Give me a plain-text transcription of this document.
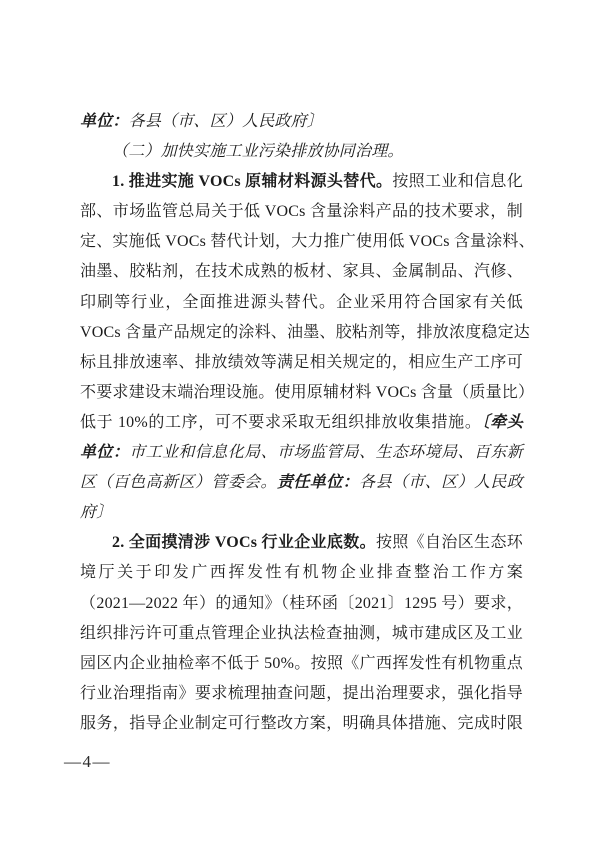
单位：各县（市、区）人民政府〕
（二）加快实施工业污染排放协同治理。
1. 推进实施 VOCs 原辅材料源头替代。按照工业和信息化
部、市场监管总局关于低 VOCs 含量涂料产品的技术要求，制
定、实施低 VOCs 替代计划，大力推广使用低 VOCs 含量涂料、
油墨、胶粘剂，在技术成熟的板材、家具、金属制品、汽修、
印刷等行业，全面推进源头替代。企业采用符合国家有关低
VOCs 含量产品规定的涂料、油墨、胶粘剂等，排放浓度稳定达
标且排放速率、排放绩效等满足相关规定的，相应生产工序可
不要求建设末端治理设施。使用原辅材料 VOCs 含量（质量比）
低于 10%的工序，可不要求采取无组织排放收集措施。〔牵头
单位：市工业和信息化局、市场监管局、生态环境局、百东新
区（百色高新区）管委会。责任单位：各县（市、区）人民政
府〕
2. 全面摸清涉 VOCs 行业企业底数。按照《自治区生态环
境厅关于印发广西挥发性有机物企业排查整治工作方案
（2021—2022 年）的通知》（桂环函〔2021〕1295 号）要求，
组织排污许可重点管理企业执法检查抽测，城市建成区及工业
园区内企业抽检率不低于 50%。按照《广西挥发性有机物重点
行业治理指南》要求梳理抽查问题，提出治理要求，强化指导
服务，指导企业制定可行整改方案，明确具体措施、完成时限
—4—
